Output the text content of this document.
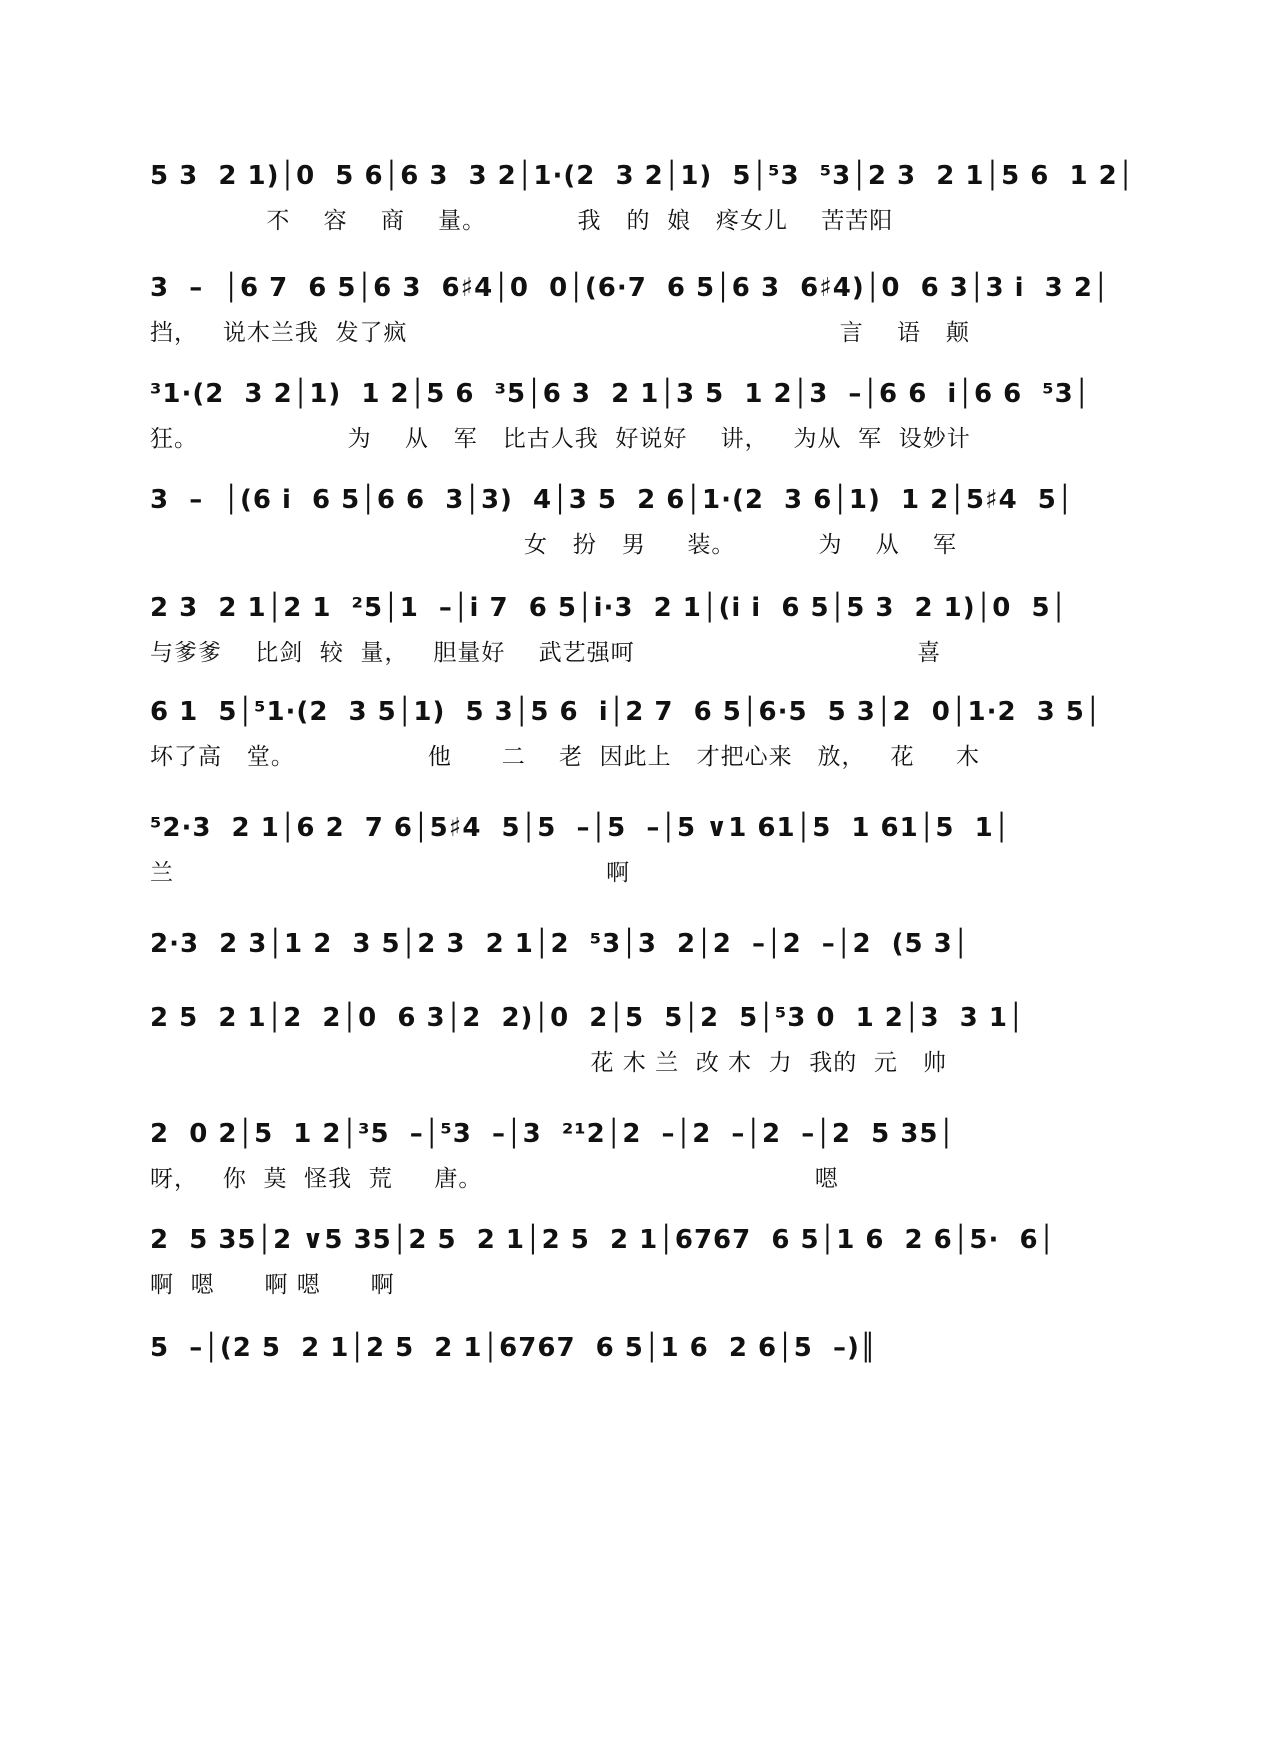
5 3  2 1)│0  5 6│6 3  3 2│1·(2  3 2│1)  5│⁵3  ⁵3│2 3  2 1│5 6  1 2│
不    容    商    量。           我   的  娘   疼女儿    苦苦阳
3  –  │6 7  6 5│6 3  6♯4│0  0│(6·7  6 5│6 3  6♯4)│0  6 3│3 i  3 2│
挡，   说木兰我  发了疯                                                    言    语   颠
³1·(2  3 2│1)  1 2│5 6  ³5│6 3  2 1│3 5  1 2│3  –│6 6  i│6 6  ⁵3│
狂。                  为    从   军   比古人我  好说好    讲，   为从  军  设妙计
3  –  │(6 i  6 5│6 6  3│3)  4│3 5  2 6│1·(2  3 6│1)  1 2│5♯4  5│
女   扮   男     装。          为    从    军
2 3  2 1│2 1  ²5│1  –│i 7  6 5│i·3  2 1│(i i  6 5│5 3  2 1)│0  5│
与爹爹    比剑  较  量，   胆量好    武艺强呵                                  喜
6 1  5│⁵1·(2  3 5│1)  5 3│5 6  i│2 7  6 5│6·5  5 3│2  0│1·2  3 5│
坏了高   堂。                他      二    老  因此上   才把心来   放，   花     木
⁵2·3  2 1│6 2  7 6│5♯4  5│5  –│5  –│5 ∨1 61│5  1 61│5  1│
兰                                                    啊
2·3  2 3│1 2  3 5│2 3  2 1│2  ⁵3│3  2│2  –│2  –│2  (5 3│
2 5  2 1│2  2│0  6 3│2  2)│0  2│5  5│2  5│⁵3 0  1 2│3  3 1│
花 木 兰  改 木  力  我的  元   帅
2  0 2│5  1 2│³5  –│⁵3  –│3  ²¹2│2  –│2  –│2  –│2  5 35│
呀，   你  莫  怪我  荒     唐。                                        嗯
2  5 35│2 ∨5 35│2 5  2 1│2 5  2 1│6767  6 5│1 6  2 6│5·  6│
啊  嗯      啊 嗯      啊
5  –│(2 5  2 1│2 5  2 1│6767  6 5│1 6  2 6│5  –)║
